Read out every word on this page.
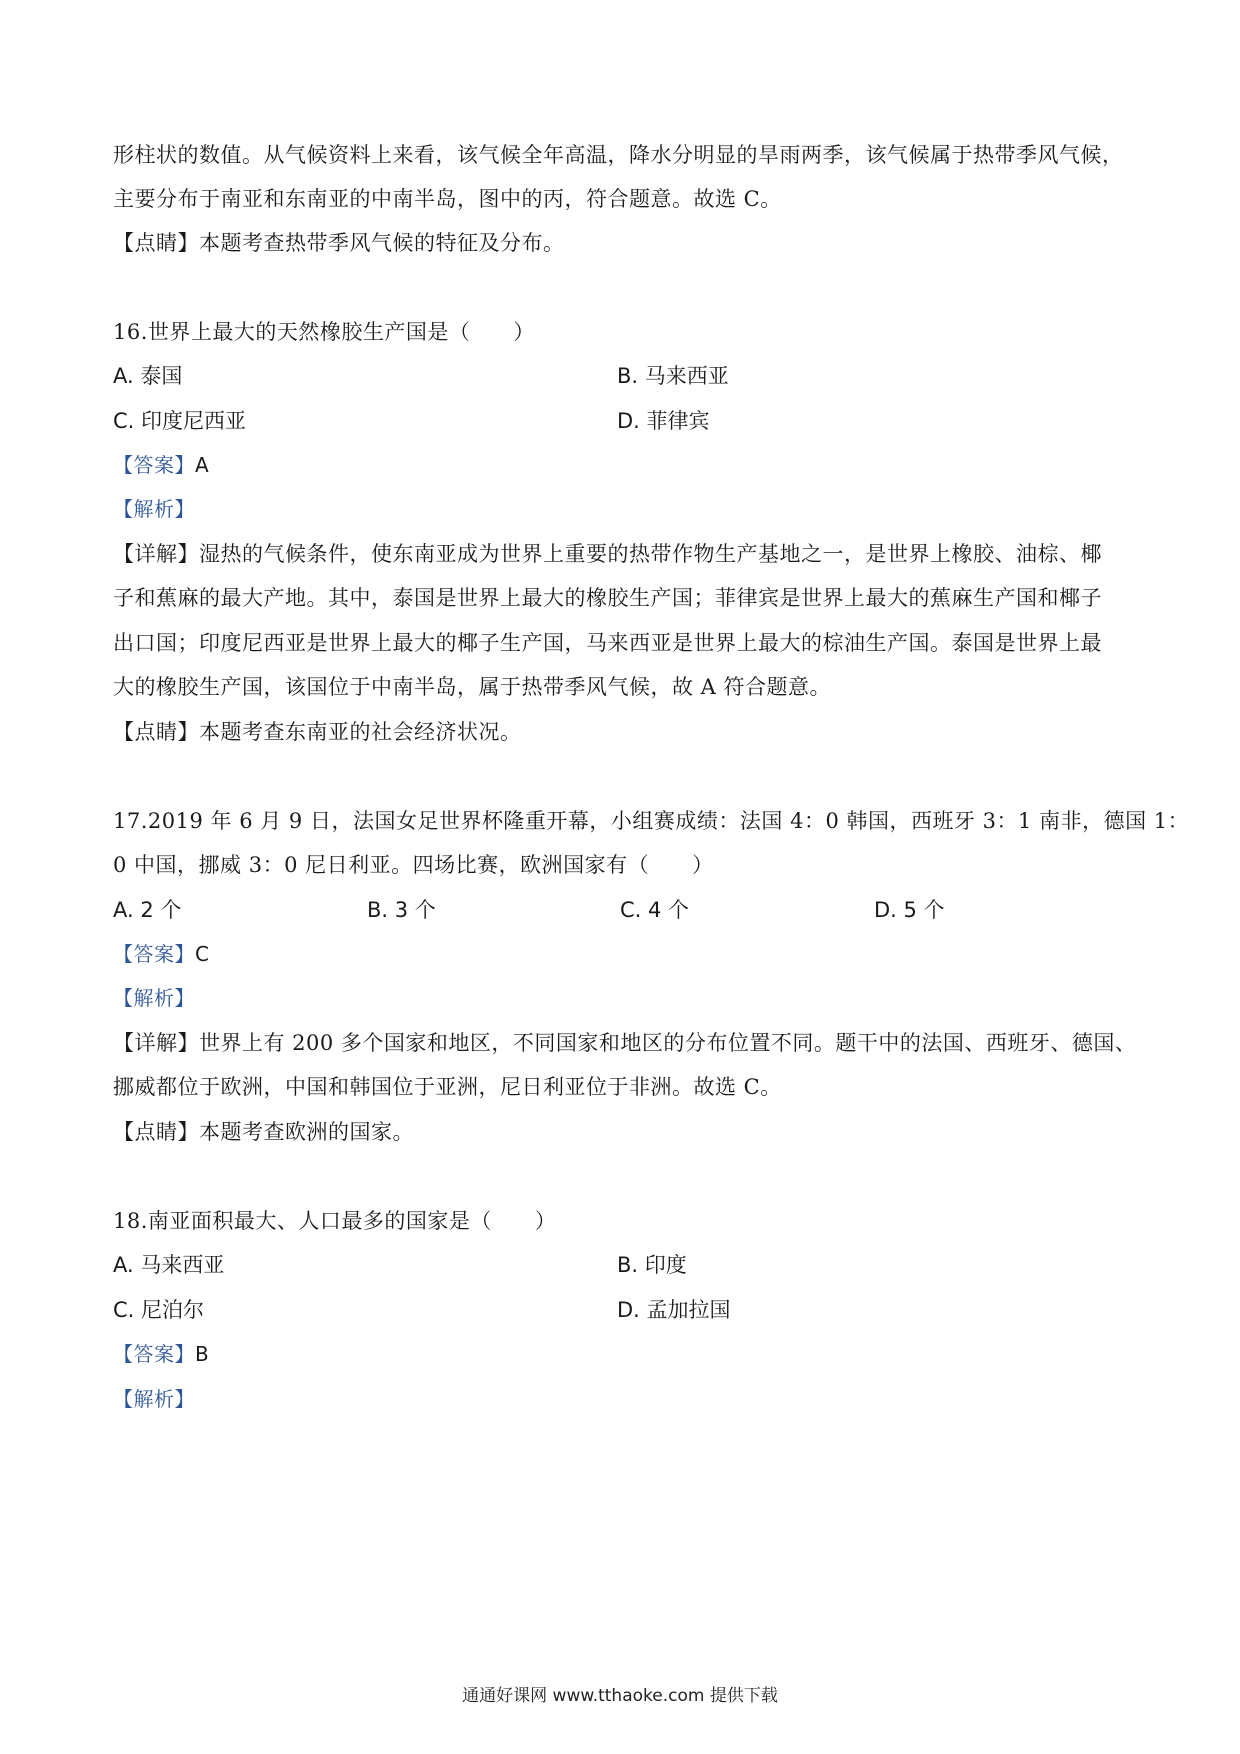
形柱状的数值。从气候资料上来看，该气候全年高温，降水分明显的旱雨两季，该气候属于热带季风气候，
主要分布于南亚和东南亚的中南半岛，图中的丙，符合题意。故选 C。
【点睛】本题考查热带季风气候的特征及分布。
16.世界上最大的天然橡胶生产国是（　　）
A. 泰国	B. 马来西亚
C. 印度尼西亚	D. 菲律宾
【答案】A
【解析】
【详解】湿热的气候条件，使东南亚成为世界上重要的热带作物生产基地之一，是世界上橡胶、油棕、椰
子和蕉麻的最大产地。其中，泰国是世界上最大的橡胶生产国；菲律宾是世界上最大的蕉麻生产国和椰子
出口国；印度尼西亚是世界上最大的椰子生产国，马来西亚是世界上最大的棕油生产国。泰国是世界上最
大的橡胶生产国，该国位于中南半岛，属于热带季风气候，故 A 符合题意。
【点睛】本题考查东南亚的社会经济状况。
17.2019 年 6 月 9 日，法国女足世界杯隆重开幕，小组赛成绩：法国 4：0 韩国，西班牙 3：1 南非，德国 1：
0 中国，挪威 3：0 尼日利亚。四场比赛，欧洲国家有（　　）
A. 2 个	B. 3 个	C. 4 个	D. 5 个
【答案】C
【解析】
【详解】世界上有 200 多个国家和地区，不同国家和地区的分布位置不同。题干中的法国、西班牙、德国、
挪威都位于欧洲，中国和韩国位于亚洲，尼日利亚位于非洲。故选 C。
【点睛】本题考查欧洲的国家。
18.南亚面积最大、人口最多的国家是（　　）
A. 马来西亚	B. 印度
C. 尼泊尔	D. 孟加拉国
【答案】B
【解析】
通通好课网 www.tthaoke.com 提供下载
